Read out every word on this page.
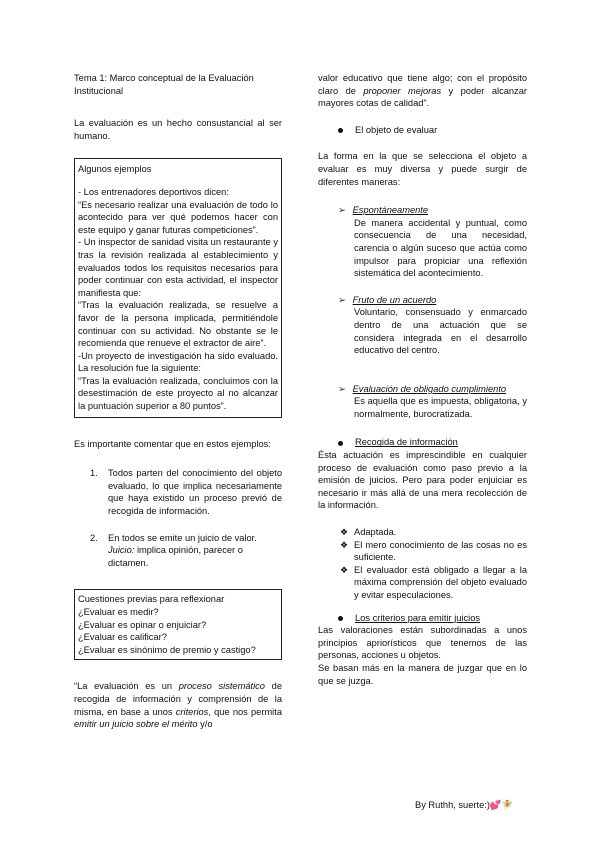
Tema 1: Marco conceptual de la Evaluación Institucional

La evaluación es un hecho consustancial al ser humano.

Algunos ejemplos

- Los entrenadores deportivos dicen:

“Es necesario realizar una evaluación de todo lo acontecido para ver qué podemos hacer con este equipo y ganar futuras competiciones”.

- Un inspector de sanidad visita un restaurante y tras la revisión realizada al establecimiento y evaluados todos los requisitos necesarios para poder continuar con esta actividad, el inspector manifiesta que:

“Tras la evaluación realizada, se resuelve a favor de la persona implicada, permitiéndole continuar con su actividad. No obstante se le recomienda que renueve el extractor de aire”.

-Un proyecto de investigación ha sido evaluado. La resolución fue la siguiente:

“Tras la evaluación realizada, concluimos con la desestimación de este proyecto al no alcanzar la puntuación superior a 80 puntos”.

Es importante comentar que en estos ejemplos:

1. Todos parten del conocimiento del objeto evaluado, lo que implica necesariamente que haya existido un proceso previó de recogida de información.

2. En todos se emite un juicio de valor. Juicio: implica opinión, parecer o dictamen.

Cuestiones previas para reflexionar

¿Evaluar es medir?

¿Evaluar es opinar o enjuiciar?

¿Evaluar es calificar?

¿Evaluar es sinónimo de premio y castigo?

“La evaluación es un proceso sistemático de recogida de información y comprensión de la misma, en base a unos criterios, que nos permita emitir un juicio sobre el mérito y/o

valor educativo que tiene algo; con el propósito claro de proponer mejoras y poder alcanzar mayores cotas de calidad”.

El objeto de evaluar

La forma en la que se selecciona el objeto a evaluar es muy diversa y puede surgir de diferentes maneras:

➢ Espontáneamente

De manera accidental y puntual, como consecuencia de una necesidad, carencia o algún suceso que actúa como impulsor para propiciar una reflexión sistemática del acontecimiento.

➢ Fruto de un acuerdo

Voluntario, consensuado y enmarcado dentro de una actuación que se considera integrada en el desarrollo educativo del centro.

➢ Evaluación de obligado cumplimiento

Es aquella que es impuesta, obligatoria, y normalmente, burocratizada.

Recogida de información

Ésta actuación es imprescindible en cualquier proceso de evaluación como paso previo a la emisión de juicios. Pero para poder enjuiciar es necesario ir más allá de una mera recolección de la información.

❖ Adaptada.

❖ El mero conocimiento de las cosas no es suficiente.

❖ El evaluador está obligado a llegar a la máxima comprensión del objeto evaluado y evitar especulaciones.

Los criterios para emitir juicios

Las valoraciones están subordinadas a unos principios apriorísticos que tenemos de las personas, acciones u objetos.

Se basan más en la manera de juzgar que en lo que se juzga.

By Ruthh, suerte:)💕🧚
